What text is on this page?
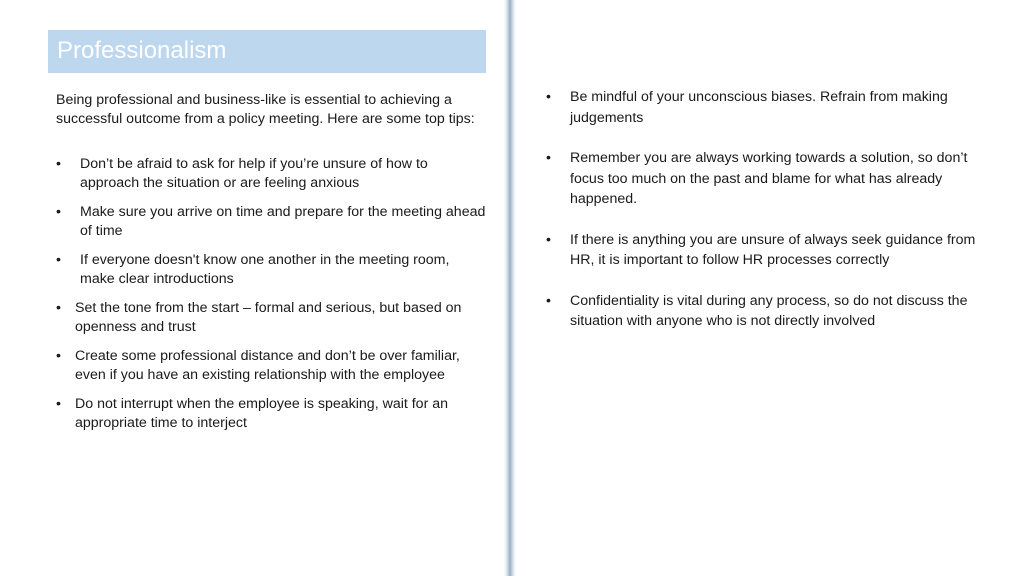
Professionalism
Being professional and business-like is essential to achieving a successful outcome from a policy meeting. Here are some top tips:
• Don’t be afraid to ask for help if you’re unsure of how to approach the situation or are feeling anxious
• Make sure you arrive on time and prepare for the meeting ahead of time
• If everyone doesn't know one another in the meeting room, make clear introductions
• Set the tone from the start – formal and serious, but based on openness and trust
• Create some professional distance and don’t be over familiar, even if you have an existing relationship with the employee
• Do not interrupt when the employee is speaking, wait for an appropriate time to interject
• Be mindful of your unconscious biases. Refrain from making judgements
• Remember you are always working towards a solution, so don’t focus too much on the past and blame for what has already happened.
• If there is anything you are unsure of always seek guidance from HR, it is important to follow HR processes correctly
• Confidentiality is vital during any process, so do not discuss the situation with anyone who is not directly involved
